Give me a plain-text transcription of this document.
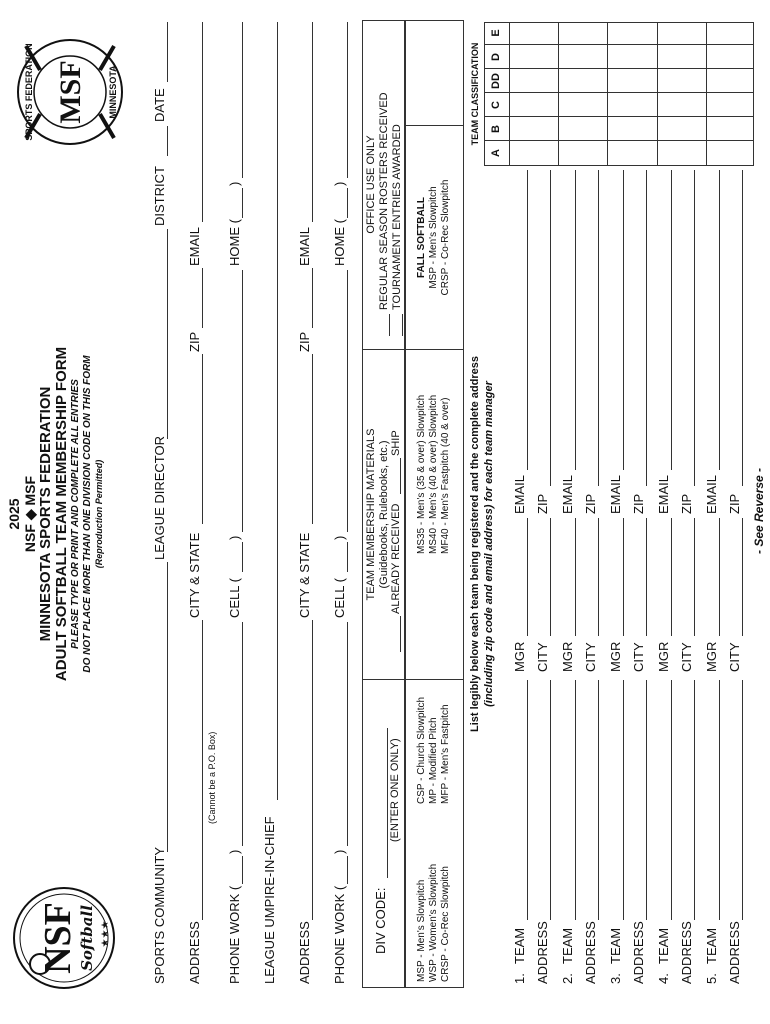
NSF Softball ★★★
2025 NSF ◆ MSF MINNESOTA SPORTS FEDERATION ADULT SOFTBALL TEAM MEMBERSHIP FORM PLEASE TYPE OR PRINT AND COMPLETE ALL ENTRIES DO NOT PLACE MORE THAN ONE DIVISION CODE ON THIS FORM (Reproduction Permitted)
SPORTS FEDERATION MSF MINNESOTA
SPORTS COMMUNITY
LEAGUE DIRECTOR
DISTRICT
DATE
ADDRESS
(Cannot be a P.O. Box)
CITY & STATE
ZIP
EMAIL
PHONE WORK (
)
CELL (
)
HOME (
)
LEAGUE UMPIRE-IN-CHIEF ADDRESS
CITY & STATE
ZIP
EMAIL
PHONE WORK (
)
CELL (
)
HOME (
)
DIV CODE:
(ENTER ONE ONLY)
TEAM MEMBERSHIP MATERIALS (Guidebooks, Rulebooks, etc.) ALREADY RECEIVED
SHIP
OFFICE USE ONLY REGULAR SEASON ROSTERS RECEIVED TOURNAMENT ENTRIES AWARDED
MSP - Men's Slowpitch WSP - Women's Slowpitch CRSP - Co-Rec Slowpitch
CSP - Church Slowpitch MP - Modified Pitch MFP - Men's Fastpitch
MS35 - Men's (35 & over) Slowpitch MS40 - Men's (40 & over) Slowpitch MF40 - Men's Fastpitch (40 & over)
FALL SOFTBALL MSP - Men's Slowpitch CRSP - Co-Rec Slowpitch
List legibly below each team being registered and the complete address (including zip code and email address) for each team manager
TEAM CLASSIFICATION
A
B
C
DD
D
E
1.
TEAM
MGR
EMAIL
ADDRESS
CITY
ZIP
2.
TEAM
MGR
EMAIL
ADDRESS
CITY
ZIP
3.
TEAM
MGR
EMAIL
ADDRESS
CITY
ZIP
4.
TEAM
MGR
EMAIL
ADDRESS
CITY
ZIP
5.
TEAM
MGR
EMAIL
ADDRESS
CITY
ZIP - See Reverse -
